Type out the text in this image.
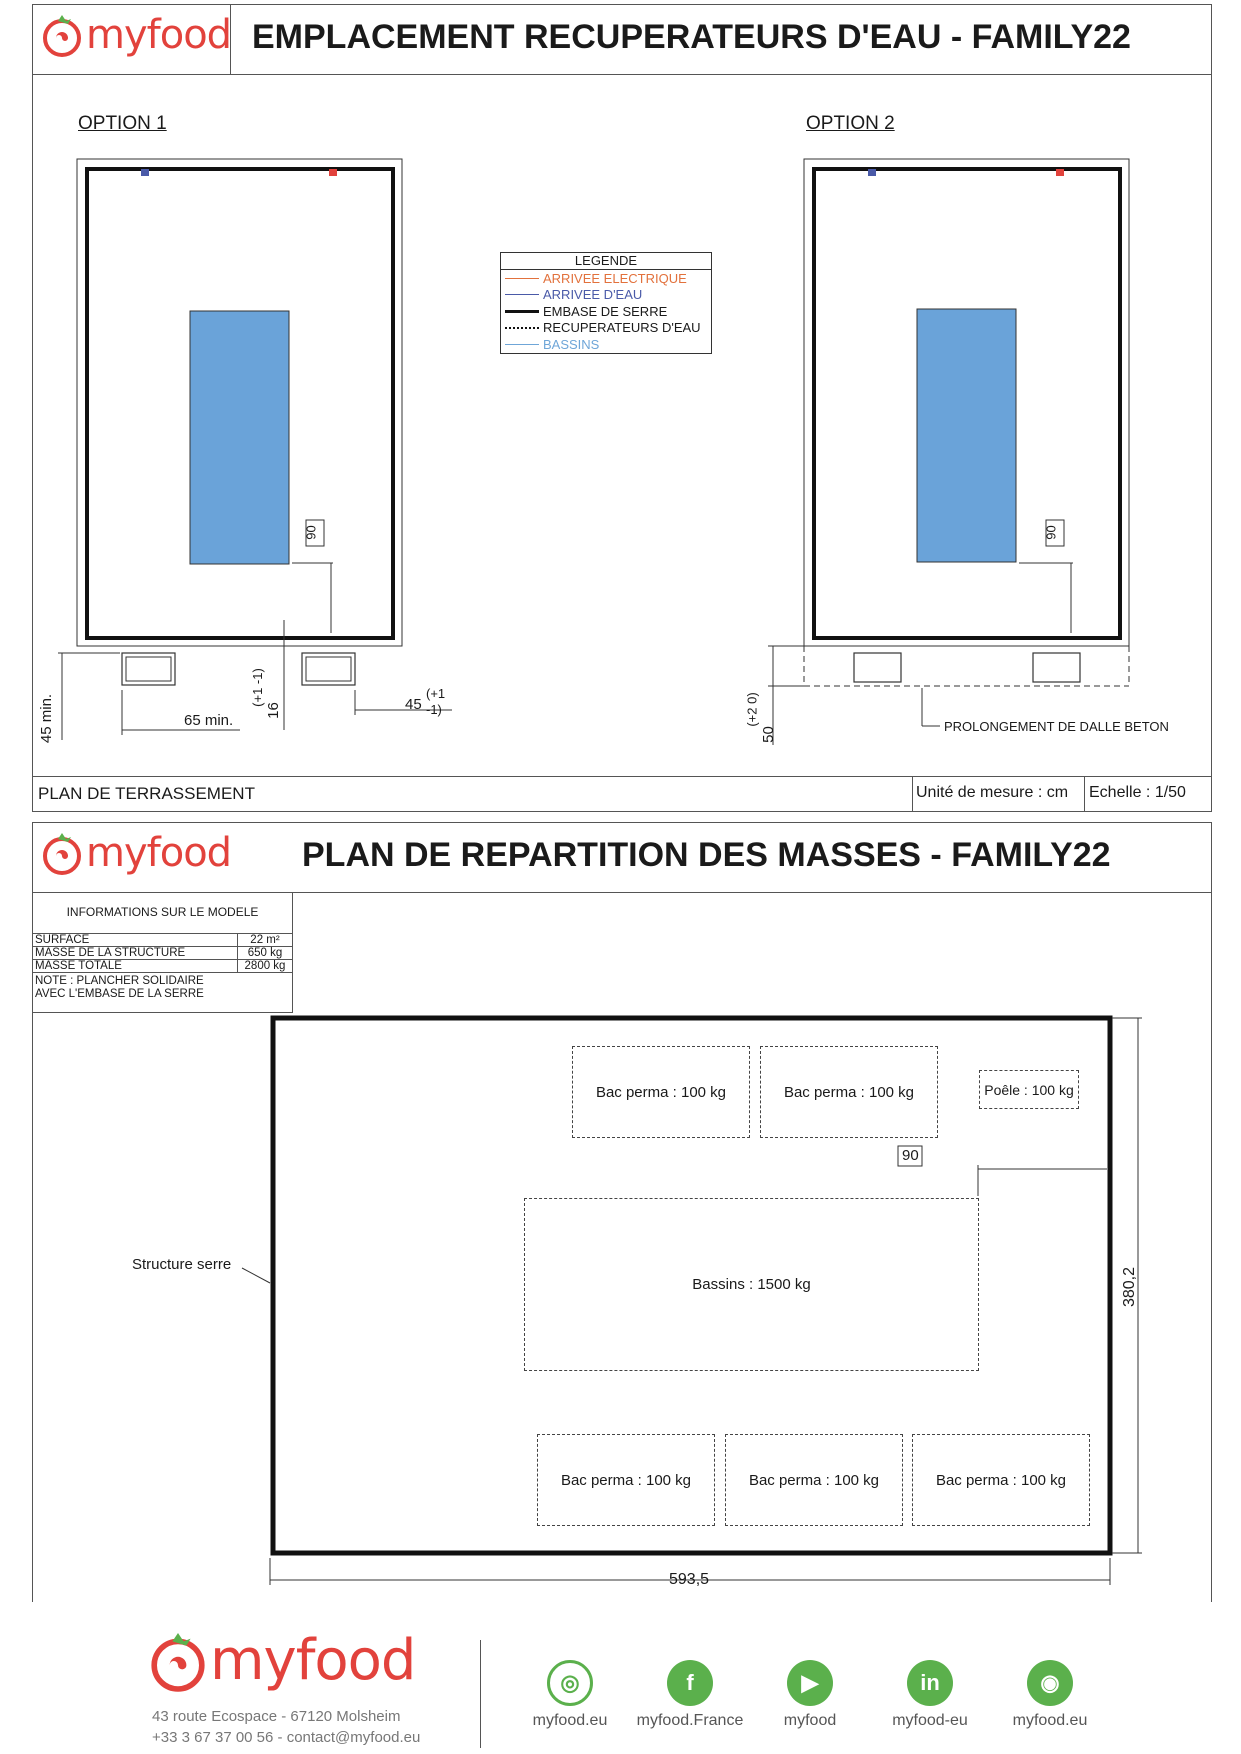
myfood EMPLACEMENT RECUPERATEURS D'EAU - FAMILY22
OPTION 1	OPTION 2
90	90
45 min.	65 min.
16
(+1 -1)	45
(+1 -1)
50
(+2 0)	PROLONGEMENT DE DALLE BETON
LEGENDE
ARRIVEE ELECTRIQUE
ARRIVEE D'EAU
EMBASE DE SERRE
RECUPERATEURS D'EAU
BASSINS
PLAN DE TERRASSEMENT	Unité de mesure : cm Echelle : 1/50
myfood PLAN DE REPARTITION DES MASSES - FAMILY22
INFORMATIONS SUR LE MODELE
SURFACE	22 m²
MASSE DE LA STRUCTURE	650 kg
MASSE TOTALE	2800 kg
NOTE : PLANCHER SOLIDAIRE AVEC L'EMBASE DE LA SERRE
Structure serre
Bac perma : 100 kg	Bac perma : 100 kg	Poêle : 100 kg
90
Bassins : 1500 kg
Bac perma : 100 kg	Bac perma : 100 kg	Bac perma : 100 kg
380,2
593,5
myfood
43 route Ecospace - 67120 Molsheim
+33 3 67 37 00 56 - contact@myfood.eu
◎
myfood.eu
f
myfood.France
▶
myfood
in
myfood-eu
◉
myfood.eu
